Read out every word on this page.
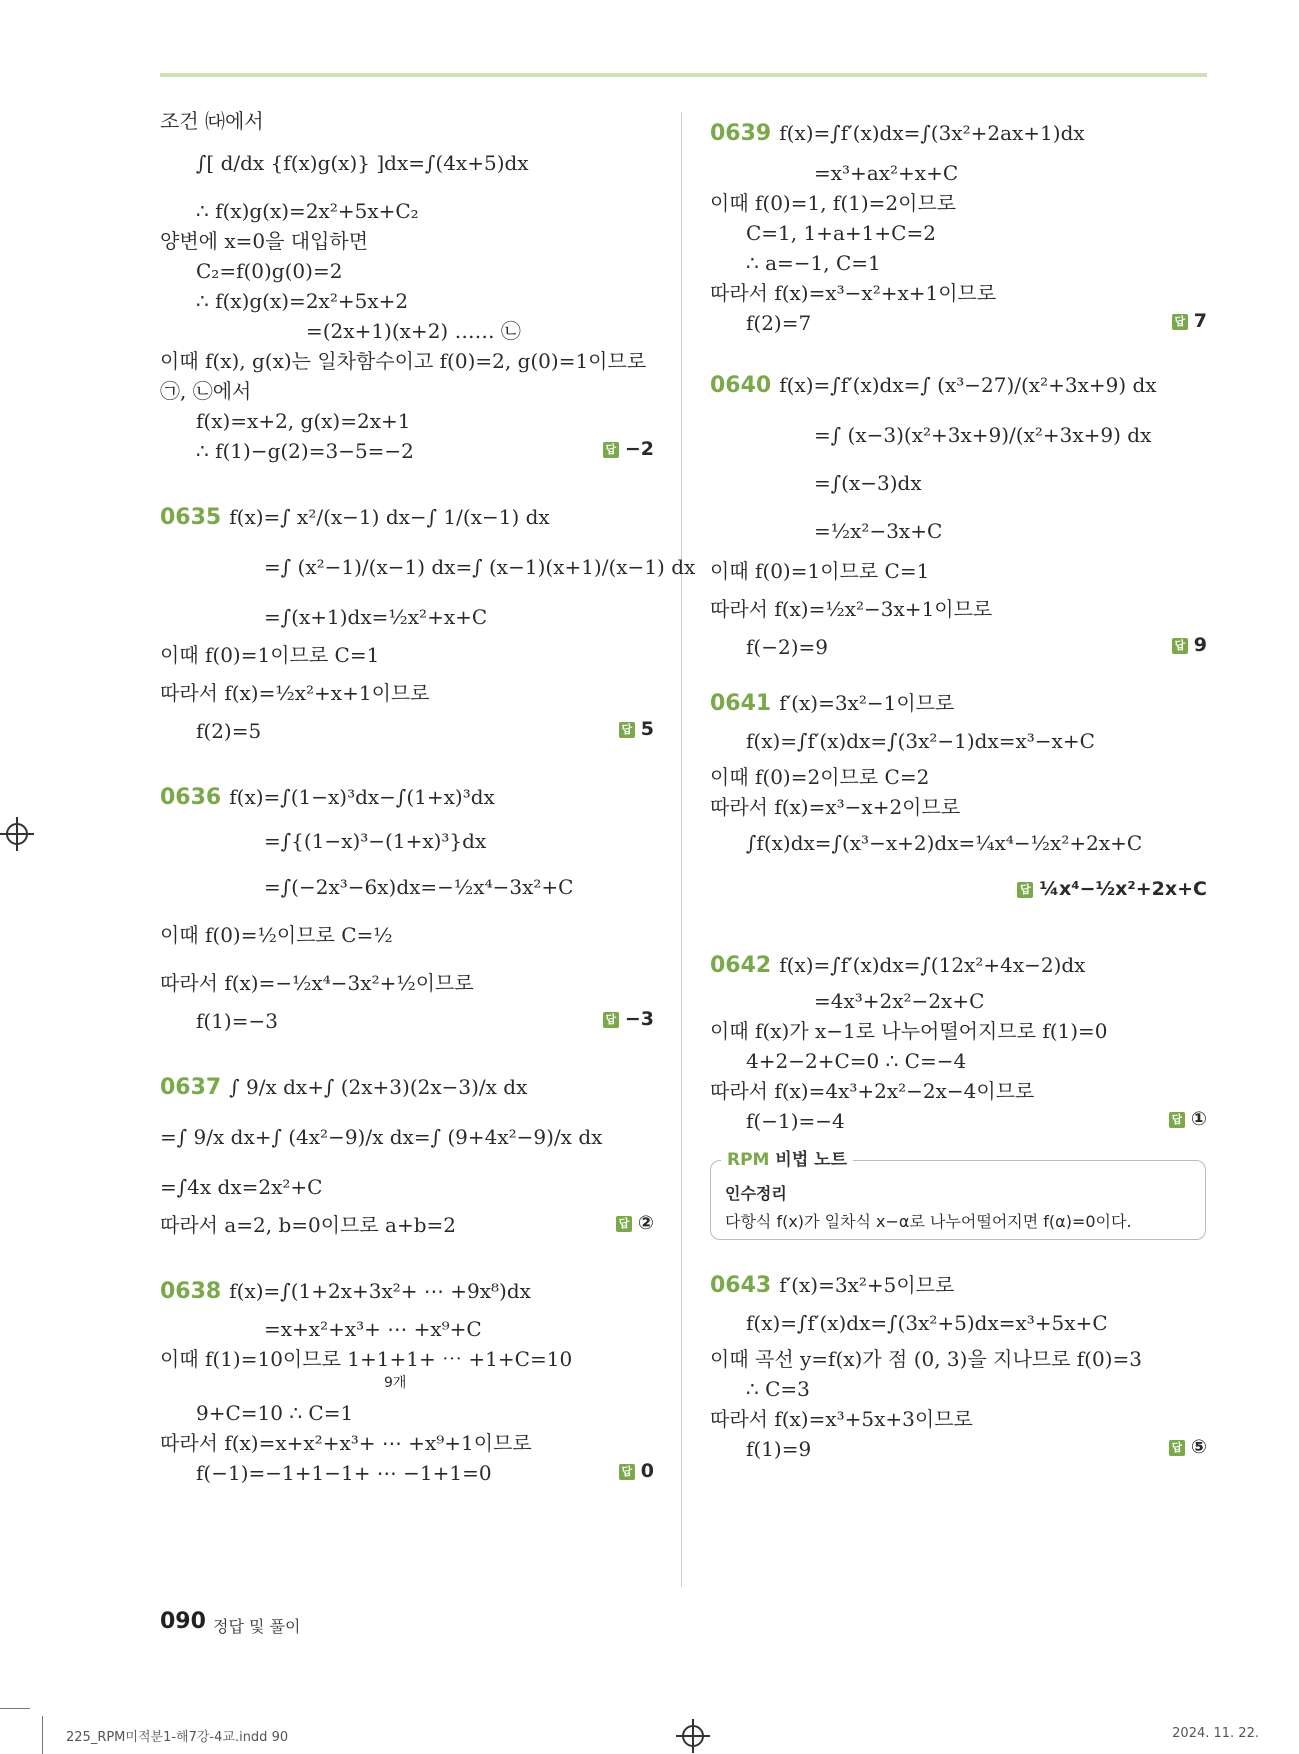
조건 ㈐에서
∫[ d/dx {f(x)g(x)} ]dx=∫(4x+5)dx
∴ f(x)g(x)=2x²+5x+C₂
양변에 x=0을 대입하면
C₂=f(0)g(0)=2
∴ f(x)g(x)=2x²+5x+2
=(2x+1)(x+2) …… ㉡
이때 f(x), g(x)는 일차함수이고 f(0)=2, g(0)=1이므로
㉠, ㉡에서
f(x)=x+2, g(x)=2x+1
∴ f(1)−g(2)=3−5=−2
0635 f(x)=∫ x²/(x−1) dx−∫ 1/(x−1) dx
=∫ (x²−1)/(x−1) dx=∫ (x−1)(x+1)/(x−1) dx
=∫(x+1)dx=½x²+x+C
이때 f(0)=1이므로 C=1
따라서 f(x)=½x²+x+1이므로
f(2)=5
0636 f(x)=∫(1−x)³dx−∫(1+x)³dx
=∫{(1−x)³−(1+x)³}dx
=∫(−2x³−6x)dx=−½x⁴−3x²+C
이때 f(0)=½이므로 C=½
따라서 f(x)=−½x⁴−3x²+½이므로
f(1)=−3
0637 ∫ 9/x dx+∫ (2x+3)(2x−3)/x dx
=∫ 9/x dx+∫ (4x²−9)/x dx=∫ (9+4x²−9)/x dx
=∫4x dx=2x²+C
따라서 a=2, b=0이므로 a+b=2
0638 f(x)=∫(1+2x+3x²+ ⋯ +9x⁸)dx
=x+x²+x³+ ⋯ +x⁹+C
이때 f(1)=10이므로 1+1+1+ ⋯ +1+C=10
9+C=10 ∴ C=1
따라서 f(x)=x+x²+x³+ ⋯ +x⁹+1이므로
f(−1)=−1+1−1+ ⋯ −1+1=0
답 −2
답 5
답 −3
답 ②
답 0
9개
0639 f(x)=∫f′(x)dx=∫(3x²+2ax+1)dx
=x³+ax²+x+C
이때 f(0)=1, f(1)=2이므로
C=1, 1+a+1+C=2
∴ a=−1, C=1
따라서 f(x)=x³−x²+x+1이므로
f(2)=7
0640 f(x)=∫f′(x)dx=∫ (x³−27)/(x²+3x+9) dx
=∫ (x−3)(x²+3x+9)/(x²+3x+9) dx
=∫(x−3)dx
=½x²−3x+C
이때 f(0)=1이므로 C=1
따라서 f(x)=½x²−3x+1이므로
f(−2)=9
0641 f′(x)=3x²−1이므로
f(x)=∫f′(x)dx=∫(3x²−1)dx=x³−x+C
이때 f(0)=2이므로 C=2
따라서 f(x)=x³−x+2이므로
∫f(x)dx=∫(x³−x+2)dx=¼x⁴−½x²+2x+C
0642 f(x)=∫f′(x)dx=∫(12x²+4x−2)dx
=4x³+2x²−2x+C
이때 f(x)가 x−1로 나누어떨어지므로 f(1)=0
4+2−2+C=0 ∴ C=−4
따라서 f(x)=4x³+2x²−2x−4이므로
f(−1)=−4
0643 f′(x)=3x²+5이므로
f(x)=∫f′(x)dx=∫(3x²+5)dx=x³+5x+C
이때 곡선 y=f(x)가 점 (0, 3)을 지나므로 f(0)=3
∴ C=3
따라서 f(x)=x³+5x+3이므로
f(1)=9
답 7
답 9
답 ¼x⁴−½x²+2x+C
답 ①
답 ⑤
RPM 비법 노트
인수정리
다항식 f(x)가 일차식 x−α로 나누어떨어지면 f(α)=0이다.
090 정답 및 풀이
225_RPM미적분1-해7강-4교.indd 90	2024. 11. 22.
